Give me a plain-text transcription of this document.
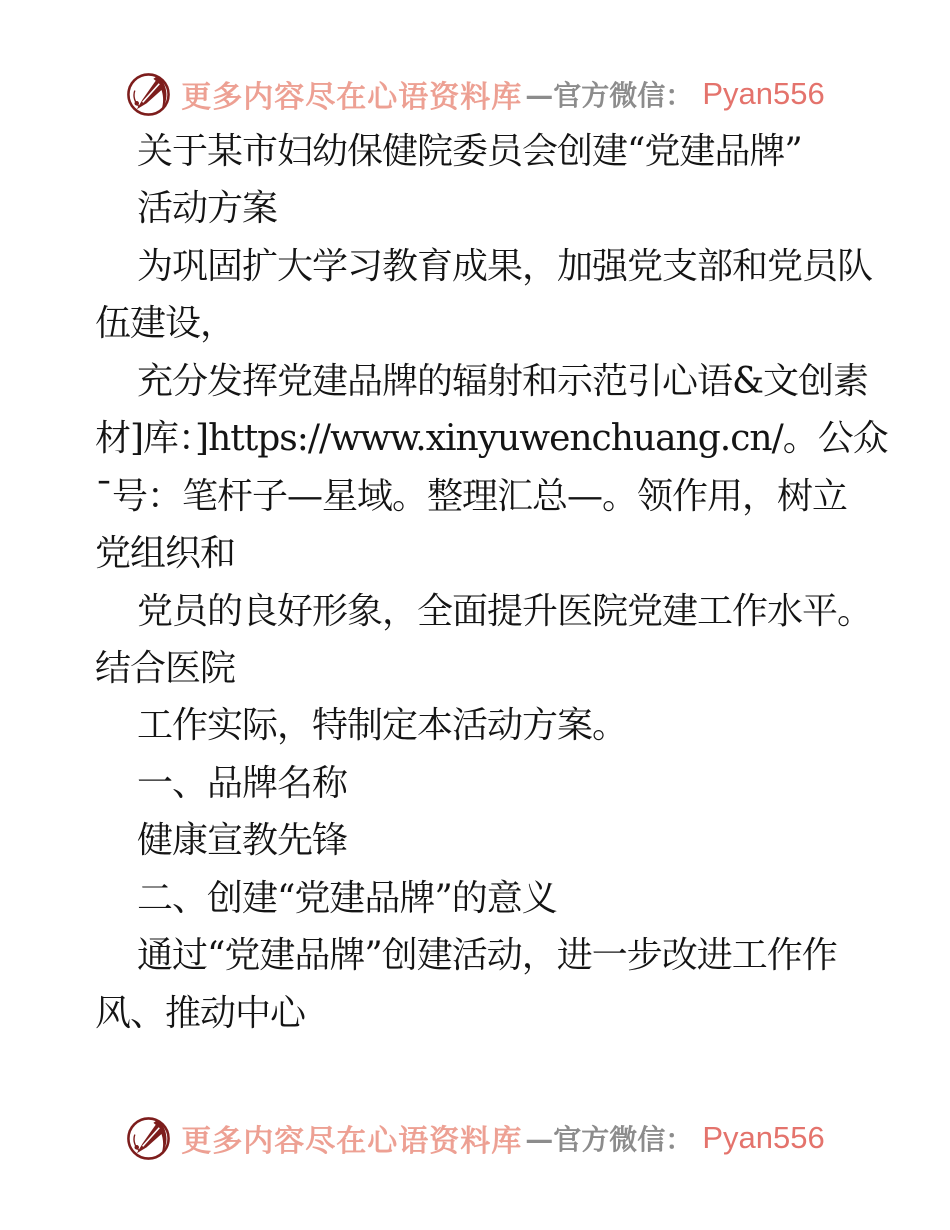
更多内容尽在心语资料库 —官方微信： Pyan556
关于某市妇幼保健院委员会创建“党建品牌”
活动方案
为巩固扩大学习教育成果，加强党支部和党员队
伍建设，
充分发挥党建品牌的辐射和示范引心语&文创素
材]库：]https://www.xinyuwenchuang.cn/。公众
¯号：笔杆子—星域。整理汇总—。领作用，树立
党组织和
党员的良好形象，全面提升医院党建工作水平。
结合医院
工作实际，特制定本活动方案。
一、品牌名称
健康宣教先锋
二、创建“党建品牌”的意义
通过“党建品牌”创建活动，进一步改进工作作
风、推动中心
更多内容尽在心语资料库 —官方微信： Pyan556
